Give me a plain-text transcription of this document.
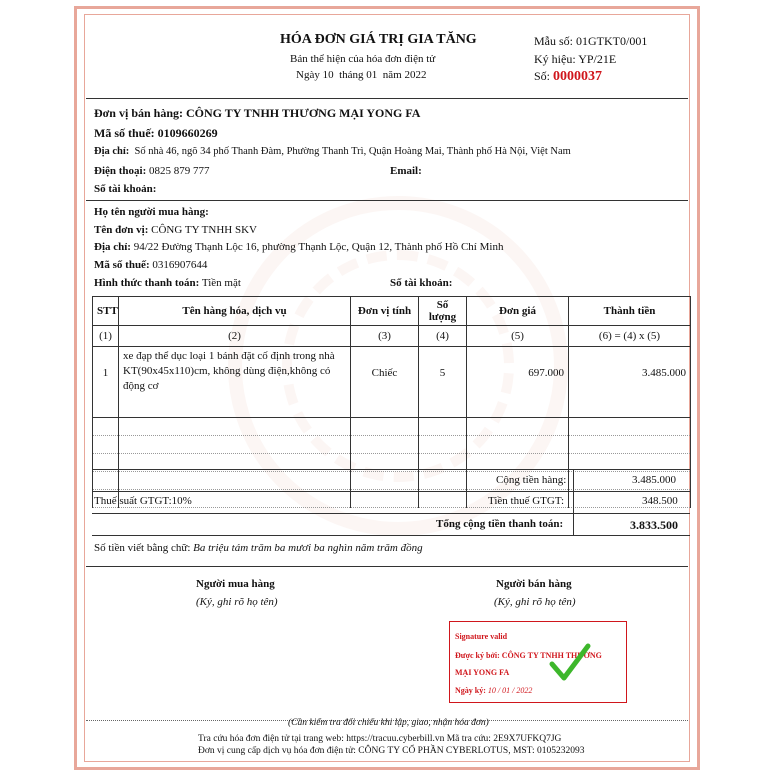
HÓA ĐƠN GIÁ TRỊ GIA TĂNG
Bản thể hiện của hóa đơn điện tử
Ngày 10  tháng 01  năm 2022
Mẫu số: 01GTKT0/001
Ký hiệu: YP/21E
Số: 0000037
Đơn vị bán hàng: CÔNG TY TNHH THƯƠNG MẠI YONG FA
Mã số thuế: 0109660269
Địa chỉ: Số nhà 46, ngõ 34 phố Thanh Đàm, Phường Thanh Trì, Quận Hoàng Mai, Thành phố Hà Nội, Việt Nam
Điện thoại: 0825 879 777	Email:
Số tài khoản:
Họ tên người mua hàng:
Tên đơn vị: CÔNG TY TNHH SKV
Địa chỉ: 94/22 Đường Thạnh Lộc 16, phường Thạnh Lộc, Quận 12, Thành phố Hồ Chí Minh
Mã số thuế: 0316907644
Hình thức thanh toán: Tiền mặt	Số tài khoản:
STT	Tên hàng hóa, dịch vụ	Đơn vị tính	Số lượng	Đơn giá	Thành tiền
(1)	(2)	(3)	(4)	(5)	(6) = (4) x (5)
1	xe đạp thể dục loại 1 bánh đặt cố định trong nhà KT(90x45x110)cm, không dùng điện,không có động cơ	Chiếc	5	697.000	3.485.000

Cộng tiền hàng:	3.485.000
Thuế suất GTGT:10%	Tiền thuế GTGT:	348.500
Tổng cộng tiền thanh toán:	3.833.500
Số tiền viết bằng chữ: Ba triệu tám trăm ba mươi ba nghìn năm trăm đồng
Người mua hàng
(Ký, ghi rõ họ tên)
Người bán hàng
(Ký, ghi rõ họ tên)
Signature valid
Được ký bởi: CÔNG TY TNHH THƯƠNG
MẠI YONG FA
Ngày ký: 10 / 01 / 2022
(Cần kiểm tra đối chiếu khi lập, giao, nhận hóa đơn)
Tra cứu hóa đơn điện tử tại trang web: https://tracuu.cyberbill.vn Mã tra cứu: 2E9X7UFKQ7JG
Đơn vị cung cấp dịch vụ hóa đơn điện tử: CÔNG TY CỔ PHẦN CYBERLOTUS, MST: 0105232093
